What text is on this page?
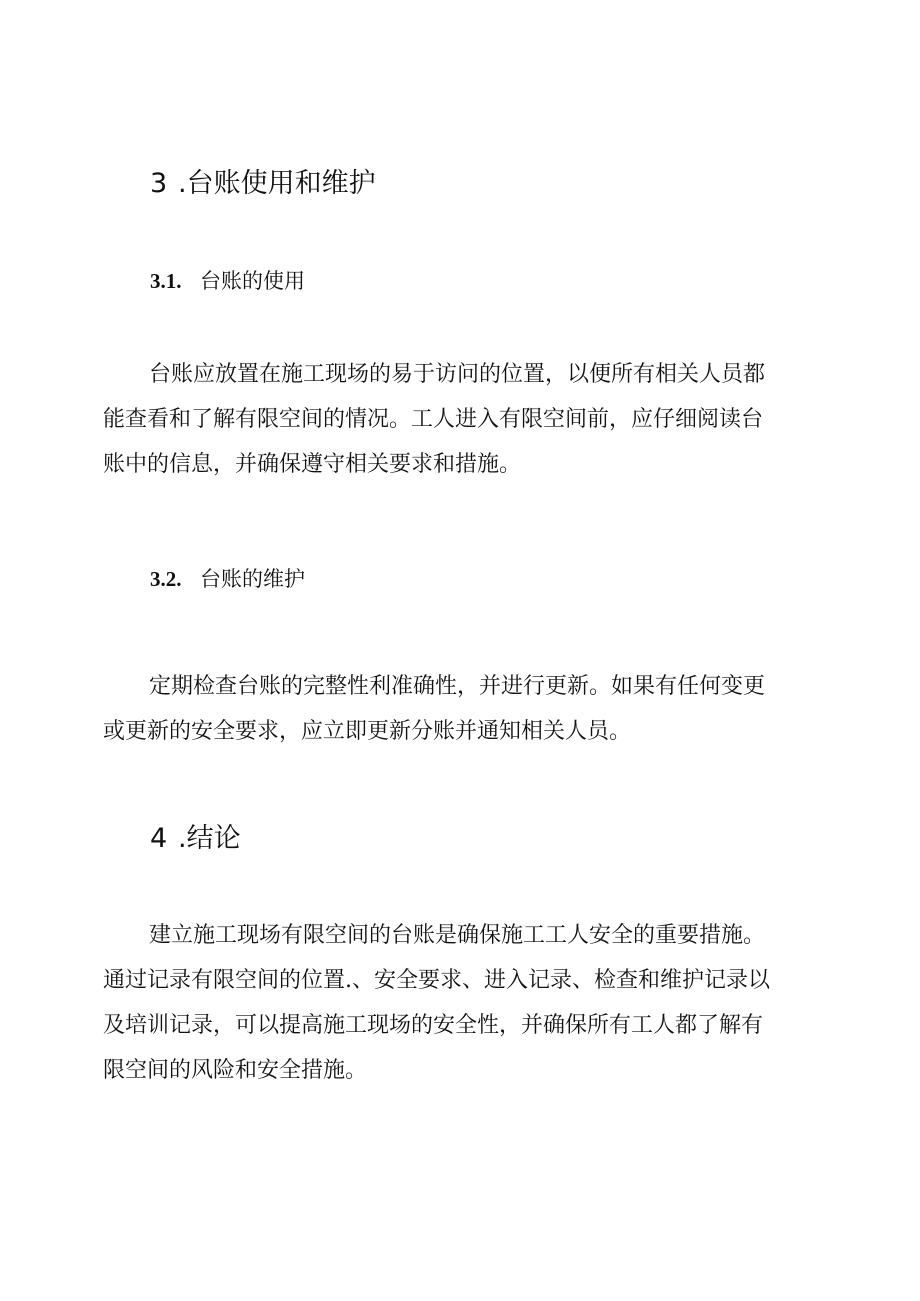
3 .台账使用和维护
3.1. 台账的使用
台账应放置在施工现场的易于访问的位置，以便所有相关人员都
能查看和了解有限空间的情况。工人进入有限空间前，应仔细阅读台
账中的信息，并确保遵守相关要求和措施。
3.2. 台账的维护
定期检查台账的完整性利准确性，并进行更新。如果有任何变更
或更新的安全要求，应立即更新分账并通知相关人员。
4 .结论
建立施工现场有限空间的台账是确保施工工人安全的重要措施。
通过记录有限空间的位置.、安全要求、进入记录、检查和维护记录以
及培训记录，可以提高施工现场的安全性，并确保所有工人都了解有
限空间的风险和安全措施。
